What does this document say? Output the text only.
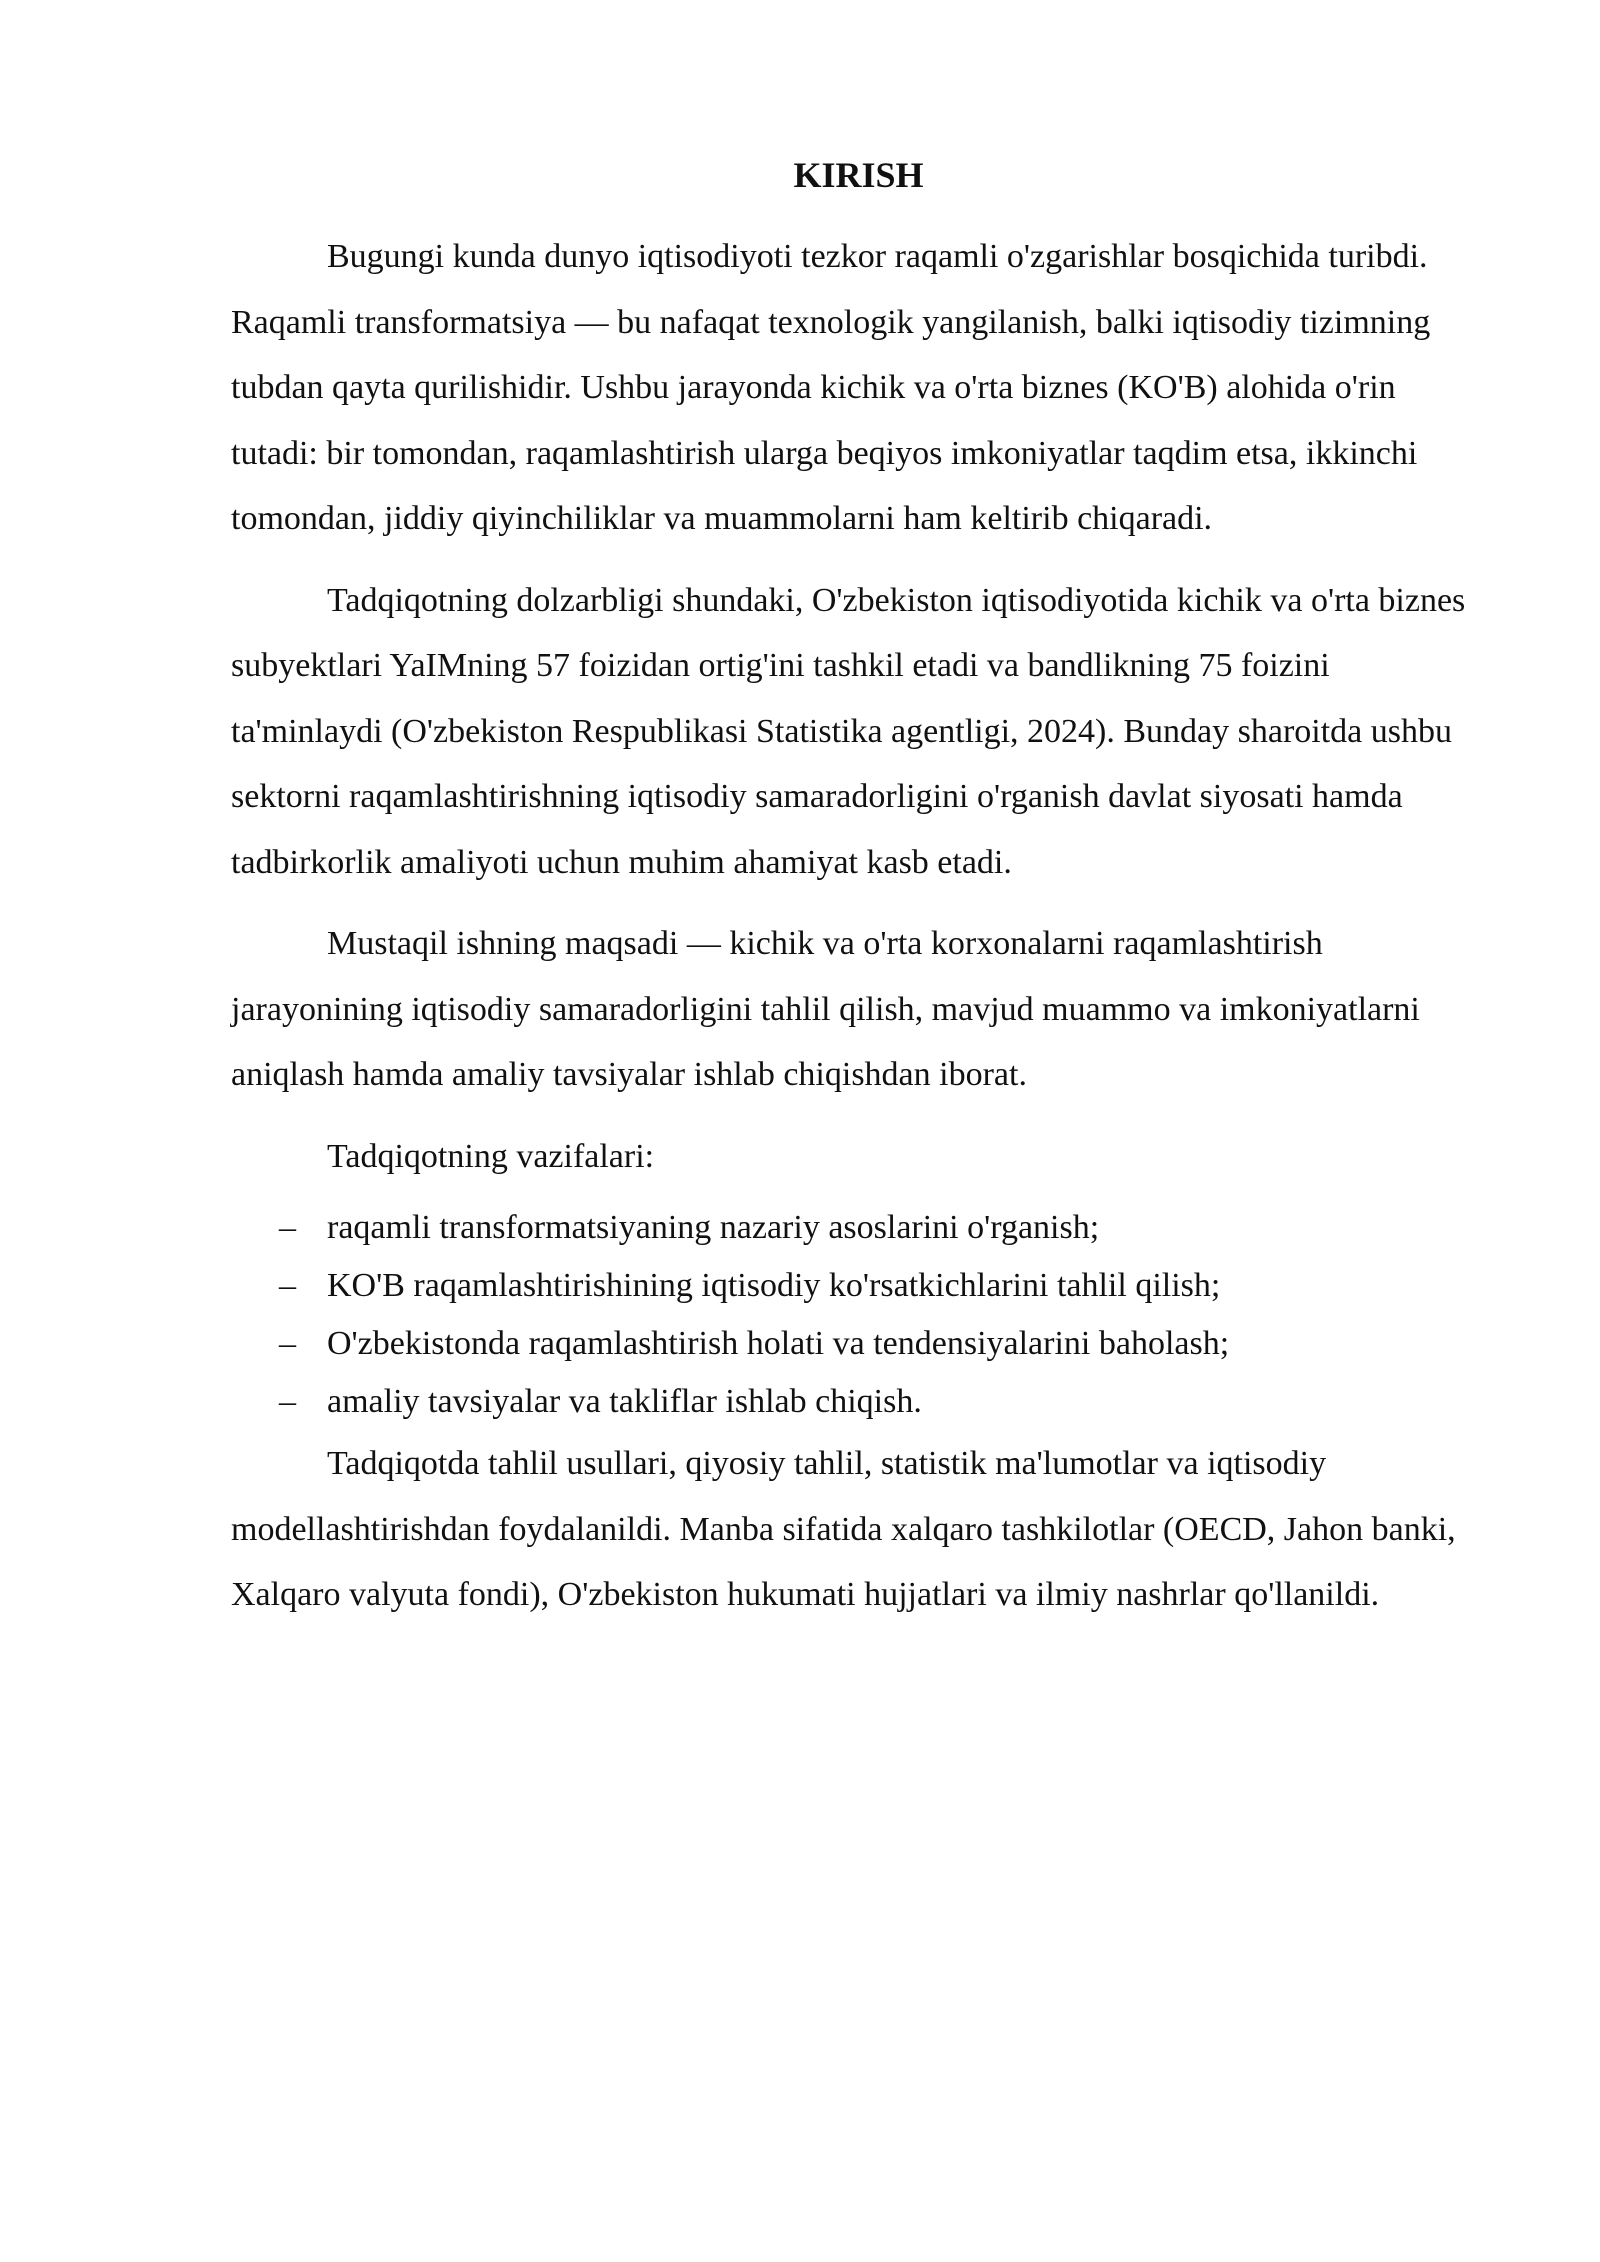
KIRISH

Bugungi kunda dunyo iqtisodiyoti tezkor raqamli o'zgarishlar bosqichida turibdi. Raqamli transformatsiya — bu nafaqat texnologik yangilanish, balki iqtisodiy tizimning tubdan qayta qurilishidir. Ushbu jarayonda kichik va o'rta biznes (KO'B) alohida o'rin tutadi: bir tomondan, raqamlashtirish ularga beqiyos imkoniyatlar taqdim etsa, ikkinchi tomondan, jiddiy qiyinchiliklar va muammolarni ham keltirib chiqaradi.

Tadqiqotning dolzarbligi shundaki, O'zbekiston iqtisodiyotida kichik va o'rta biznes subyektlari YaIMning 57 foizidan ortig'ini tashkil etadi va bandlikning 75 foizini ta'minlaydi (O'zbekiston Respublikasi Statistika agentligi, 2024). Bunday sharoitda ushbu sektorni raqamlashtirishning iqtisodiy samaradorligini o'rganish davlat siyosati hamda tadbirkorlik amaliyoti uchun muhim ahamiyat kasb etadi.

Mustaqil ishning maqsadi — kichik va o'rta korxonalarni raqamlashtirish jarayonining iqtisodiy samaradorligini tahlil qilish, mavjud muammo va imkoniyatlarni aniqlash hamda amaliy tavsiyalar ishlab chiqishdan iborat.

Tadqiqotning vazifalari:

– raqamli transformatsiyaning nazariy asoslarini o'rganish;
– KO'B raqamlashtirishining iqtisodiy ko'rsatkichlarini tahlil qilish;
– O'zbekistonda raqamlashtirish holati va tendensiyalarini baholash;
– amaliy tavsiyalar va takliflar ishlab chiqish.

Tadqiqotda tahlil usullari, qiyosiy tahlil, statistik ma'lumotlar va iqtisodiy modellashtirishdan foydalanildi. Manba sifatida xalqaro tashkilotlar (OECD, Jahon banki, Xalqaro valyuta fondi), O'zbekiston hukumati hujjatlari va ilmiy nashrlar qo'llanildi.
